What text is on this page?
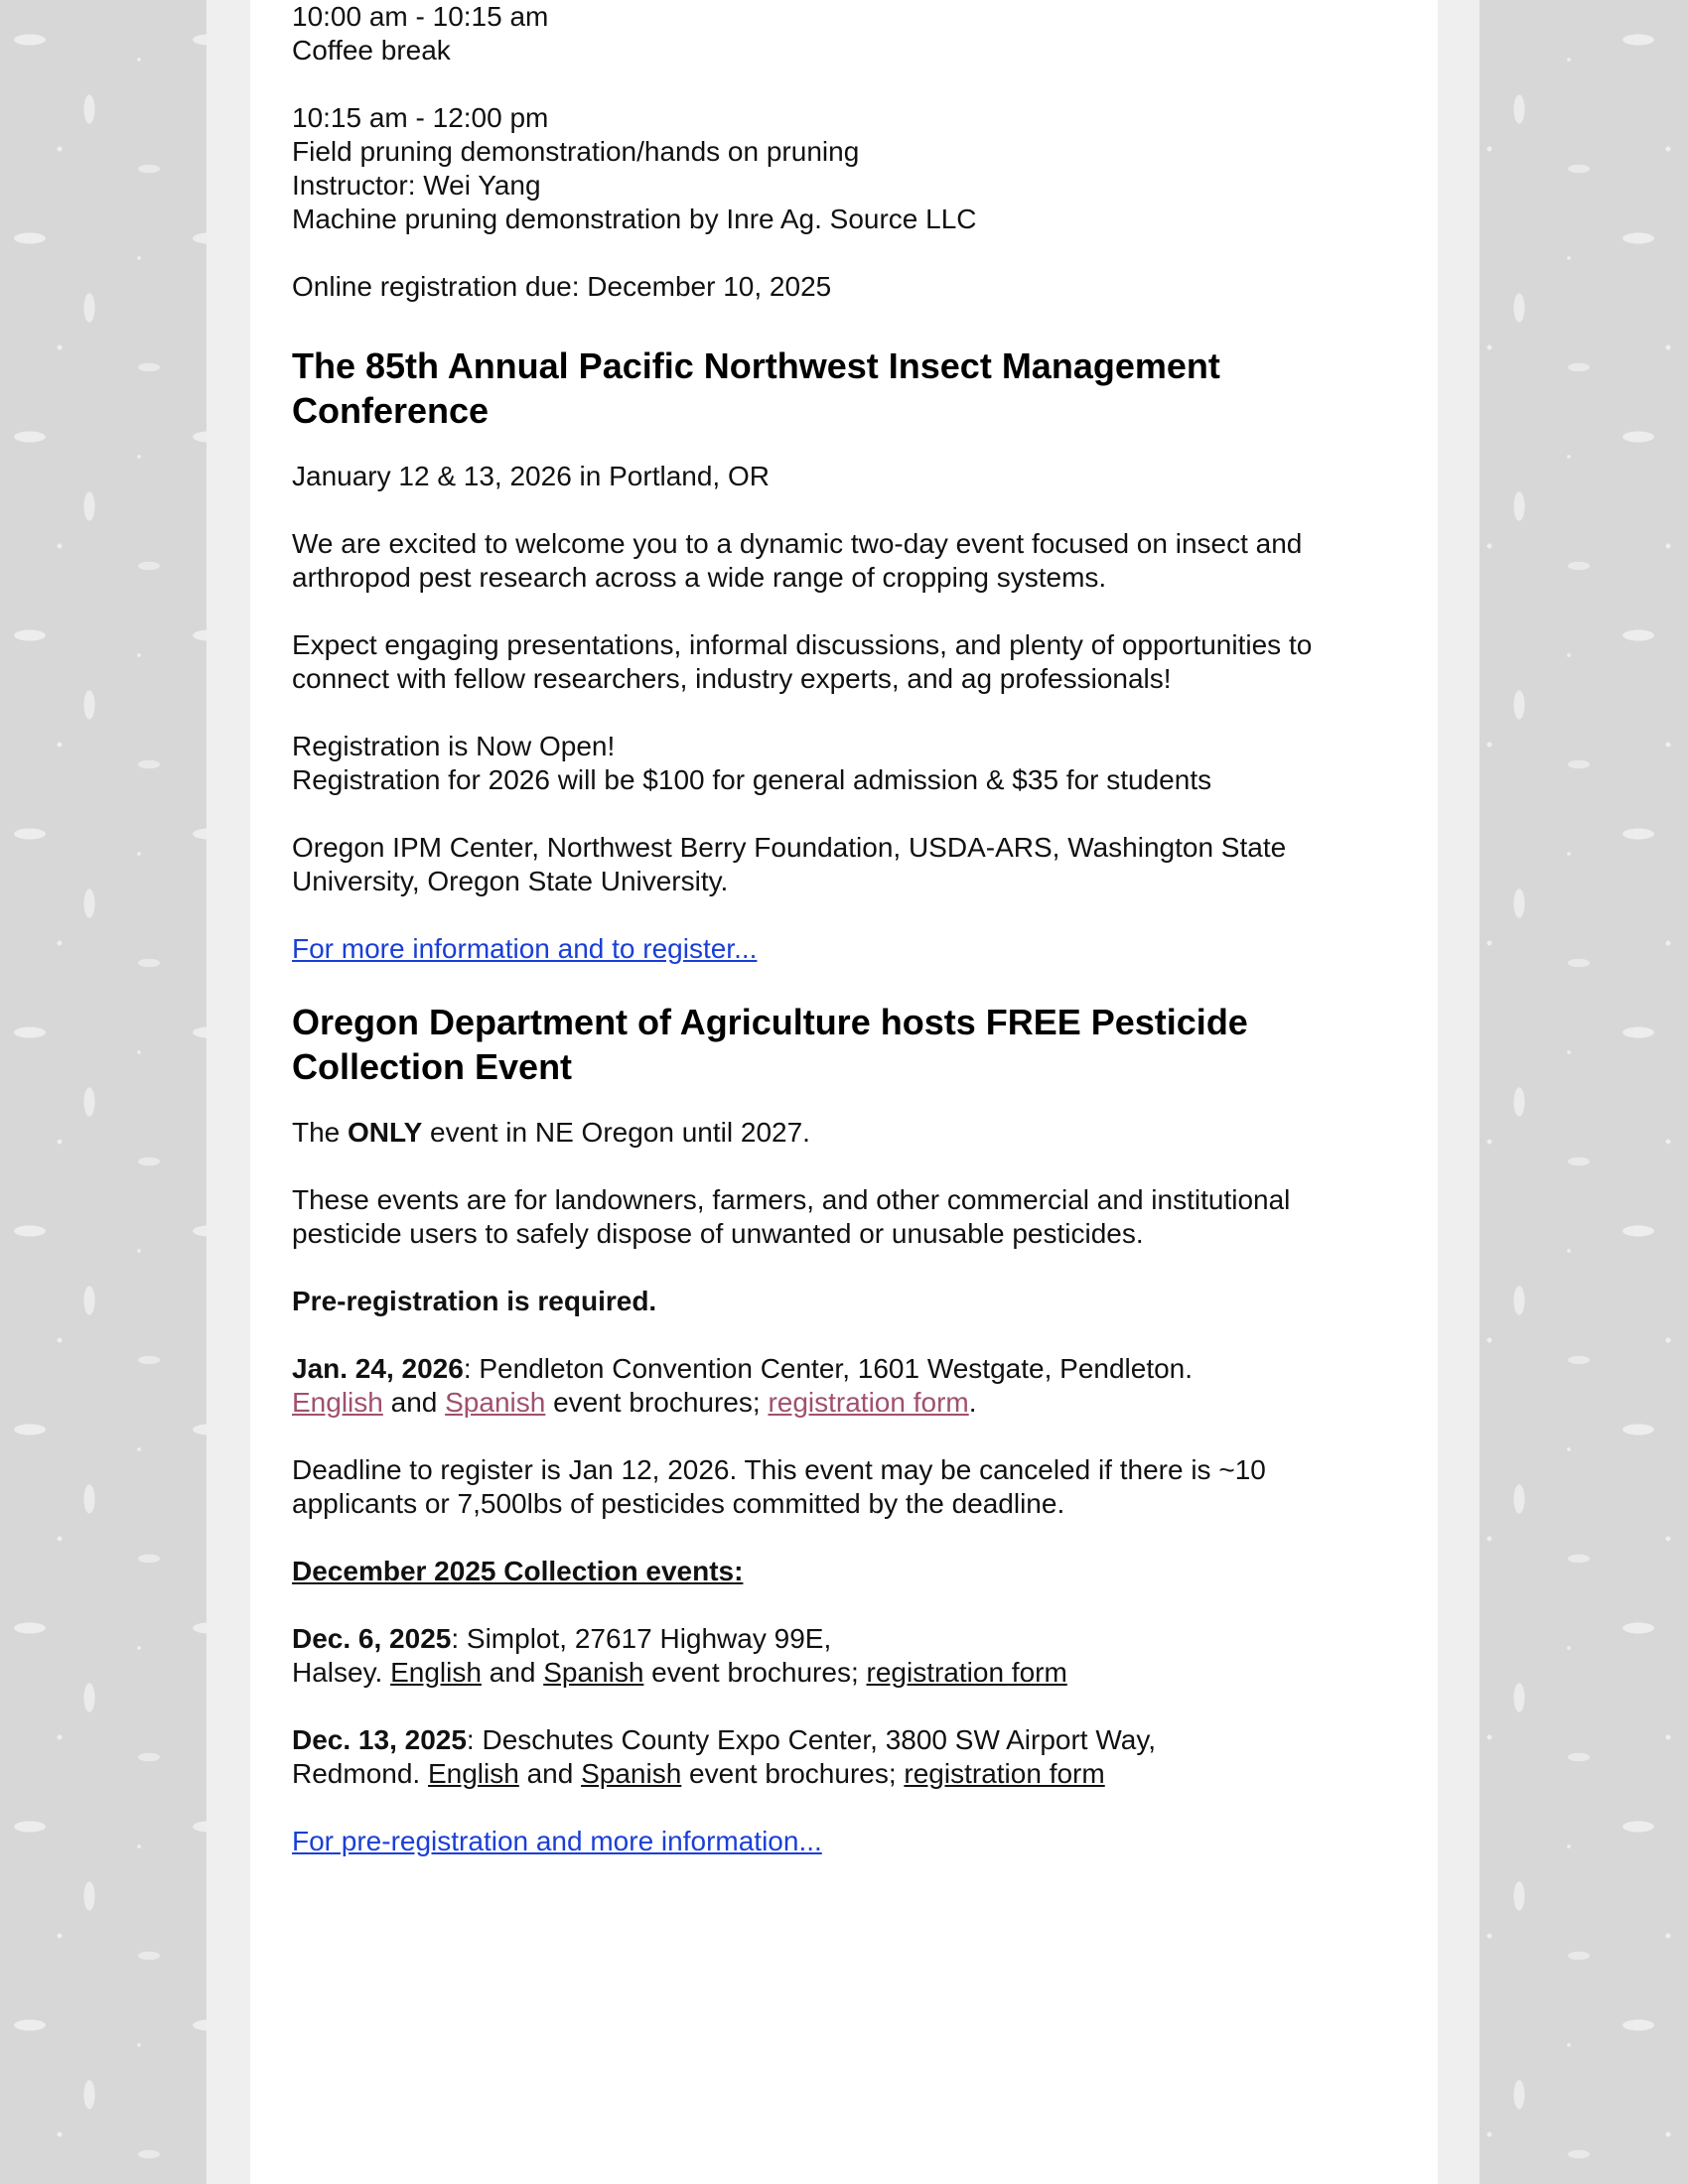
10:00 am - 10:15 am

Coffee break

10:15 am - 12:00 pm

Field pruning demonstration/hands on pruning

Instructor: Wei Yang

Machine pruning demonstration by Inre Ag. Source LLC

Online registration due: December 10, 2025

The 85th Annual Pacific Northwest Insect Management Conference

January 12 & 13, 2026 in Portland, OR

We are excited to welcome you to a dynamic two-day event focused on insect and arthropod pest research across a wide range of cropping systems.

Expect engaging presentations, informal discussions, and plenty of opportunities to connect with fellow researchers, industry experts, and ag professionals!

Registration is Now Open!

Registration for 2026 will be $100 for general admission & $35 for students

Oregon IPM Center, Northwest Berry Foundation, USDA-ARS, Washington State University, Oregon State University.

For more information and to register...

Oregon Department of Agriculture hosts FREE Pesticide Collection Event

The ONLY event in NE Oregon until 2027.

These events are for landowners, farmers, and other commercial and institutional pesticide users to safely dispose of unwanted or unusable pesticides.

Pre-registration is required.

Jan. 24, 2026: Pendleton Convention Center, 1601 Westgate, Pendleton.

English and Spanish event brochures; registration form.

Deadline to register is Jan 12, 2026. This event may be canceled if there is ~10 applicants or 7,500lbs of pesticides committed by the deadline.

December 2025 Collection events:

Dec. 6, 2025: Simplot, 27617 Highway 99E,

Halsey. English and Spanish event brochures; registration form

Dec. 13, 2025: Deschutes County Expo Center, 3800 SW Airport Way,

Redmond. English and Spanish event brochures; registration form

For pre-registration and more information...
